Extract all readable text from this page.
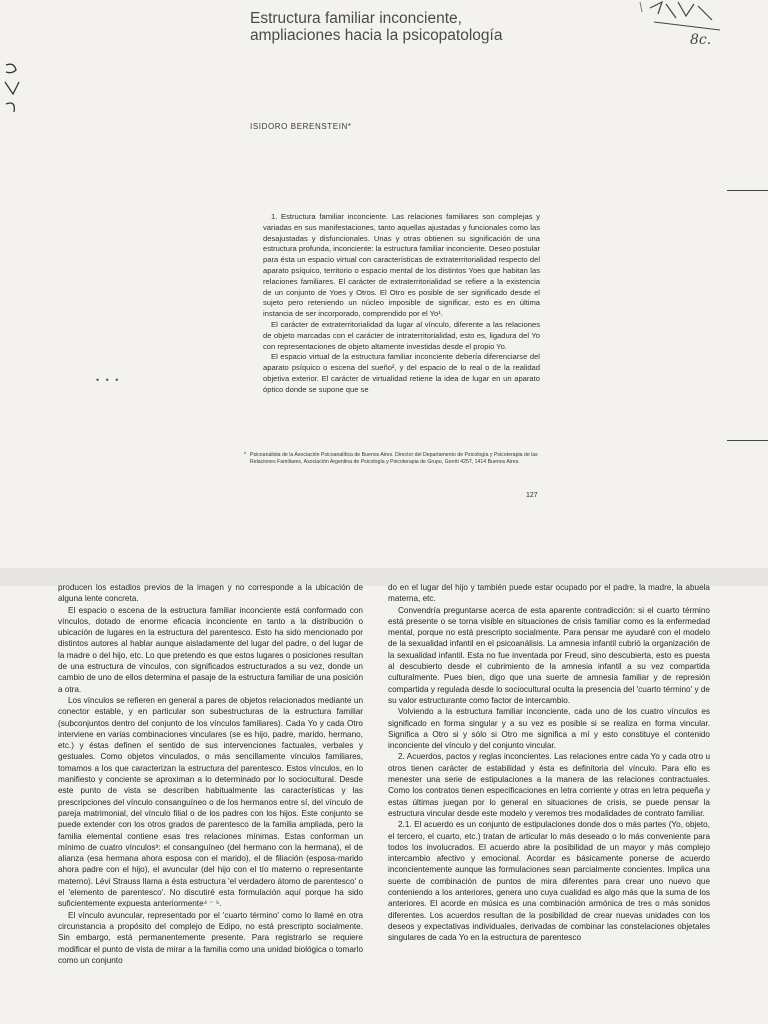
8c.
Estructura familiar inconciente,
ampliaciones hacia la psicopatología
ISIDORO BERENSTEIN*

1. Estructura familiar inconciente. Las relaciones familiares son complejas y variadas en sus manifestaciones, tanto aquellas ajustadas y funcionales como las desajustadas y disfuncionales. Unas y otras obtienen su significación de una estructura profunda, inconciente: la estructura familiar inconciente. Deseo postular para ésta un espacio virtual con características de extraterritorialidad respecto del aparato psíquico, territorio o espacio mental de los distintos Yoes que habitan las relaciones familiares. El carácter de extraterritorialidad se refiere a la existencia de un conjunto de Yoes y Otros. El Otro es posible de ser significado desde el sujeto pero reteniendo un núcleo imposible de significar, esto es en última instancia de ser incorporado, comprendido por el Yo¹.

El carácter de extraterritorialidad da lugar al vínculo, diferente a las relaciones de objeto marcadas con el carácter de intraterritorialidad, esto es, ligadura del Yo con representaciones de objeto altamente investidas desde el propio Yo.

El espacio virtual de la estructura familiar inconciente debería diferenciarse del aparato psíquico o escena del sueño², y del espacio de lo real o de la realidad objetiva exterior. El carácter de virtualidad retiene la idea de lugar en un aparato óptico donde se supone que se

• • •
* Psicoanalista de la Asociación Psicoanalítica de Buenos Aires. Director del Departamento de Psicología y Psicoterapia de las Relaciones Familiares, Asociación Argentina de Psicología y Psicoterapia de Grupo, Gorriti 4257, 1414 Buenos Aires.
127

producen los estadios previos de la imagen y no corresponde a la ubicación de alguna lente concreta.

El espacio o escena de la estructura familiar inconciente está conformado con vínculos, dotado de enorme eficacia inconciente en tanto a la distribución o ubicación de lugares en la estructura del parentesco. Esto ha sido mencionado por distintos autores al hablar aunque aisladamente del lugar del padre, o del lugar de la madre o del hijo, etc. Lo que pretendo es que estos lugares o posiciones resultan de una estructura de vínculos, con significados estructurados a su vez, donde un cambio de uno de ellos determina el pasaje de la estructura familiar de una posición a otra.

Los vínculos se refieren en general a pares de objetos relacionados mediante un conector estable, y en particular son subestructuras de la estructura familiar (subconjuntos dentro del conjunto de los vínculos familiares). Cada Yo y cada Otro interviene en varias combinaciones vinculares (se es hijo, padre, marido, hermano, etc.) y éstas definen el sentido de sus intervenciones factuales, verbales y gestuales. Como objetos vinculados, o más sencillamente vínculos familiares, tomamos a los que caracterizan la estructura del parentesco. Estos vínculos, en lo manifiesto y conciente se aproximan a lo determinado por lo sociocultural. Desde este punto de vista se describen habitualmente las características y las prescripciones del vínculo consanguíneo o de los hermanos entre sí, del vínculo de pareja matrimonial, del vínculo filial o de los padres con los hijos. Este conjunto se puede extender con los otros grados de parentesco de la familia ampliada, pero la familia elemental contiene esas tres relaciones mínimas. Estas conforman un mínimo de cuatro vínculos³: el consanguíneo (del hermano con la hermana), el de alianza (esa hermana ahora esposa con el marido), el de filiación (esposa-marido ahora padre con el hijo), el avuncular (del hijo con el tío materno o representante materno). Lévi Strauss llama a ésta estructura 'el verdadero átomo de parentesco' o el 'elemento de parentesco'. No discutiré esta formulación aquí porque ha sido suficientemente expuesta anteriormente⁴ ⁻ ⁵.

El vínculo avuncular, representado por el 'cuarto término' como lo llamé en otra circunstancia a propósito del complejo de Edipo, no está prescripto socialmente. Sin embargo, está permanentemente presente. Para registrarlo se requiere modificar el punto de vista de mirar a la familia como una unidad biológica o tomarlo como un conjunto

do en el lugar del hijo y también puede estar ocupado por el padre, la madre, la abuela materna, etc.

Convendría preguntarse acerca de esta aparente contradicción: si el cuarto término está presente o se torna visible en situaciones de crisis familiar como es la enfermedad mental, porque no está prescripto socialmente. Para pensar me ayudaré con el modelo de la sexualidad infantil en el psicoanálisis. La amnesia infantil cubrió la organización de la sexualidad infantil. Esta no fue inventada por Freud, sino descubierta, esto es puesta al descubierto desde el cubrimiento de la amnesia infantil a su vez compartida culturalmente. Pues bien, digo que una suerte de amnesia familiar y de represión compartida y regulada desde lo sociocultural oculta la presencia del 'cuarto término' y de su valor estructurante como factor de intercambio.

Volviendo a la estructura familiar inconciente, cada uno de los cuatro vínculos es significado en forma singular y a su vez es posible si se realiza en forma vincular. Significa a Otro si y sólo si Otro me significa a mí y esto constituye el contenido inconciente del vínculo y del conjunto vincular.

2. Acuerdos, pactos y reglas inconcientes. Las relaciones entre cada Yo y cada otro u otros tienen carácter de estabilidad y ésta es definitoria del vínculo. Para ello es menester una serie de estipulaciones a la manera de las relaciones contractuales. Como los contratos tienen especificaciones en letra corriente y otras en letra pequeña y estas últimas juegan por lo general en situaciones de crisis, se puede pensar la estructura vincular desde este modelo y veremos tres modalidades de contrato familiar.

2.1. El acuerdo es un conjunto de estipulaciones donde dos o más partes (Yo, objeto, el tercero, el cuarto, etc.) tratan de articular lo más deseado o lo más conveniente para todos los involucrados. El acuerdo abre la posibilidad de un mayor y más complejo intercambio afectivo y emocional. Acordar es básicamente ponerse de acuerdo inconcientemente aunque las formulaciones sean parcialmente concientes. Implica una suerte de combinación de puntos de mira diferentes para crear uno nuevo que conteniendo a los anteriores, genera uno cuya cualidad es algo más que la suma de los anteriores. El acorde en música es una combinación armónica de tres o más sonidos diferentes. Los acuerdos resultan de la posibilidad de crear nuevas unidades con los deseos y expectativas individuales, derivadas de combinar las constelaciones objetales singulares de cada Yo en la estructura de parentesco
